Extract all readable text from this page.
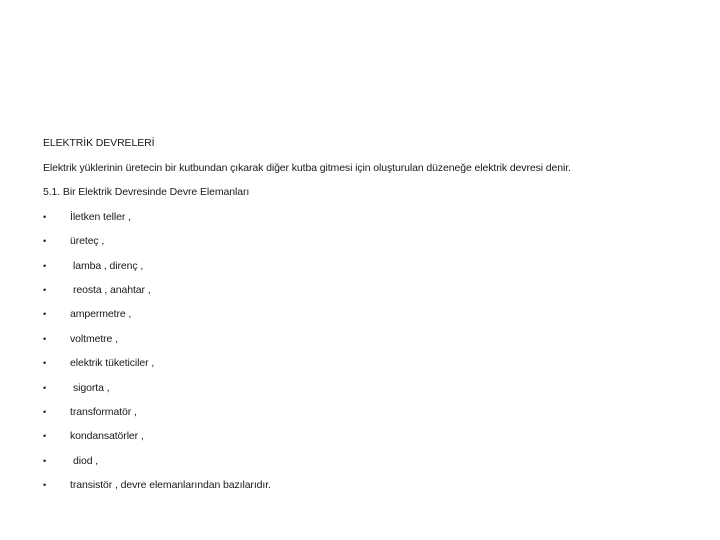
ELEKTRİK DEVRELERİ
Elektrik yüklerinin üretecin bir kutbundan çıkarak diğer kutba gitmesi için oluşturulan düzeneğe elektrik devresi denir.
5.1. Bir Elektrik Devresinde Devre Elemanları
• İletken teller ,
• üreteç ,
•	lamba , direnç ,
•	reosta , anahtar ,
• ampermetre ,
• voltmetre ,
• elektrik tüketiciler ,
•	sigorta ,
• transformatör ,
• kondansatörler ,
•	diod ,
• transistör , devre elemanlarından bazılarıdır.
